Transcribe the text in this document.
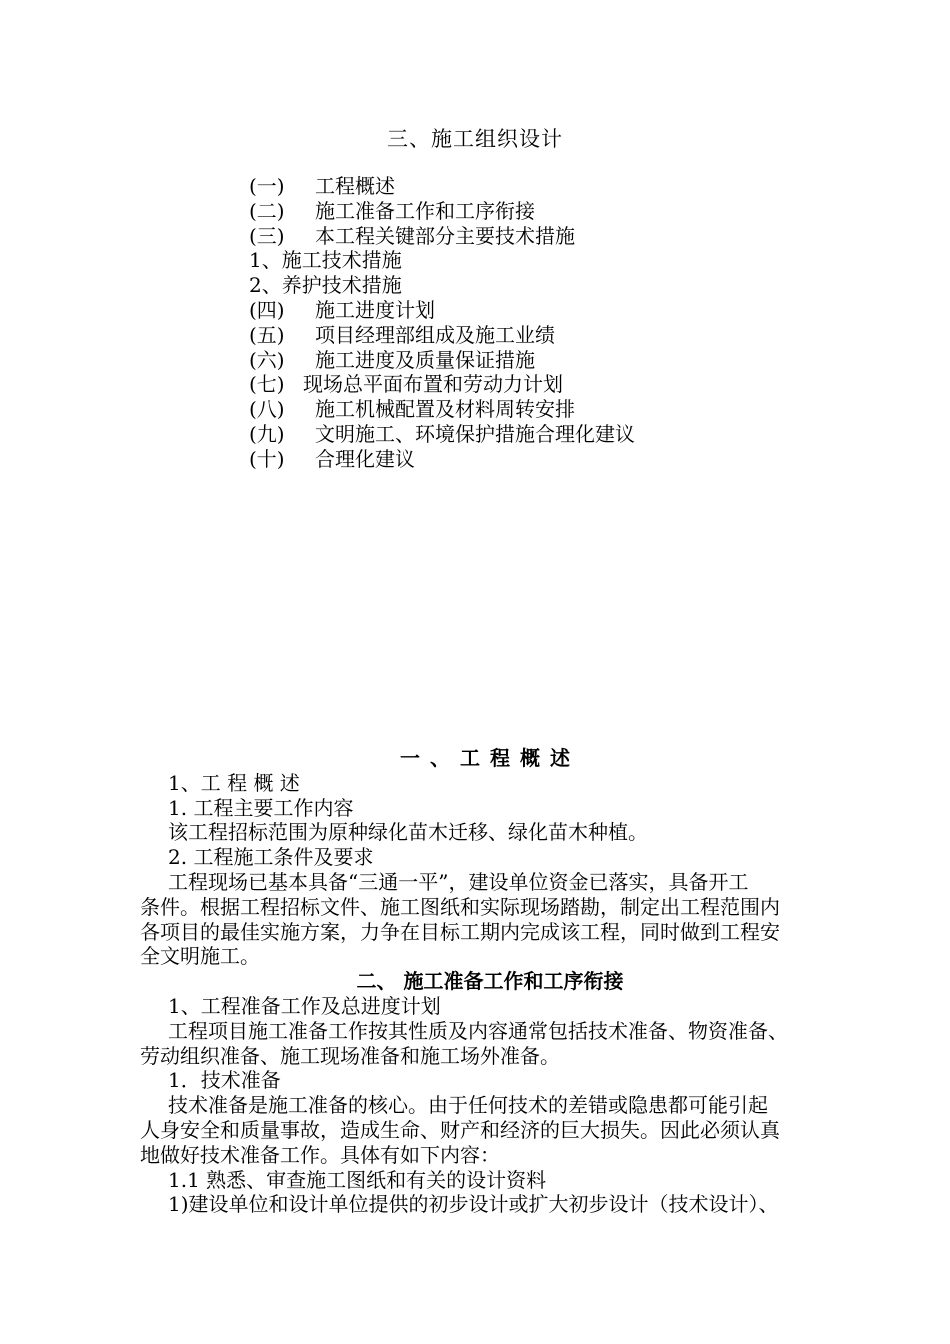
三、施工组织设计
(一) 工程概述
(二) 施工准备工作和工序衔接
(三) 本工程关键部分主要技术措施
1、施工技术措施
2、养护技术措施
(四) 施工进度计划
(五) 项目经理部组成及施工业绩
(六) 施工进度及质量保证措施
(七) 现场总平面布置和劳动力计划
(八) 施工机械配置及材料周转安排
(九) 文明施工、环境保护措施合理化建议
(十) 合理化建议
一、工程概述
1、工 程 概 述
1. 工程主要工作内容
该工程招标范围为原种绿化苗木迁移、绿化苗木种植。
2. 工程施工条件及要求
工程现场已基本具备“三通一平”，建设单位资金已落实，具备开工
条件。根据工程招标文件、施工图纸和实际现场踏勘，制定出工程范围内
各项目的最佳实施方案，力争在目标工期内完成该工程，同时做到工程安
全文明施工。
二、 施工准备工作和工序衔接
1、工程准备工作及总进度计划
工程项目施工准备工作按其性质及内容通常包括技术准备、物资准备、
劳动组织准备、施工现场准备和施工场外准备。
1．技术准备
技术准备是施工准备的核心。由于任何技术的差错或隐患都可能引起
人身安全和质量事故，造成生命、财产和经济的巨大损失。因此必须认真
地做好技术准备工作。具体有如下内容：
1.1 熟悉、审查施工图纸和有关的设计资料
1)建设单位和设计单位提供的初步设计或扩大初步设计（技术设计）、
